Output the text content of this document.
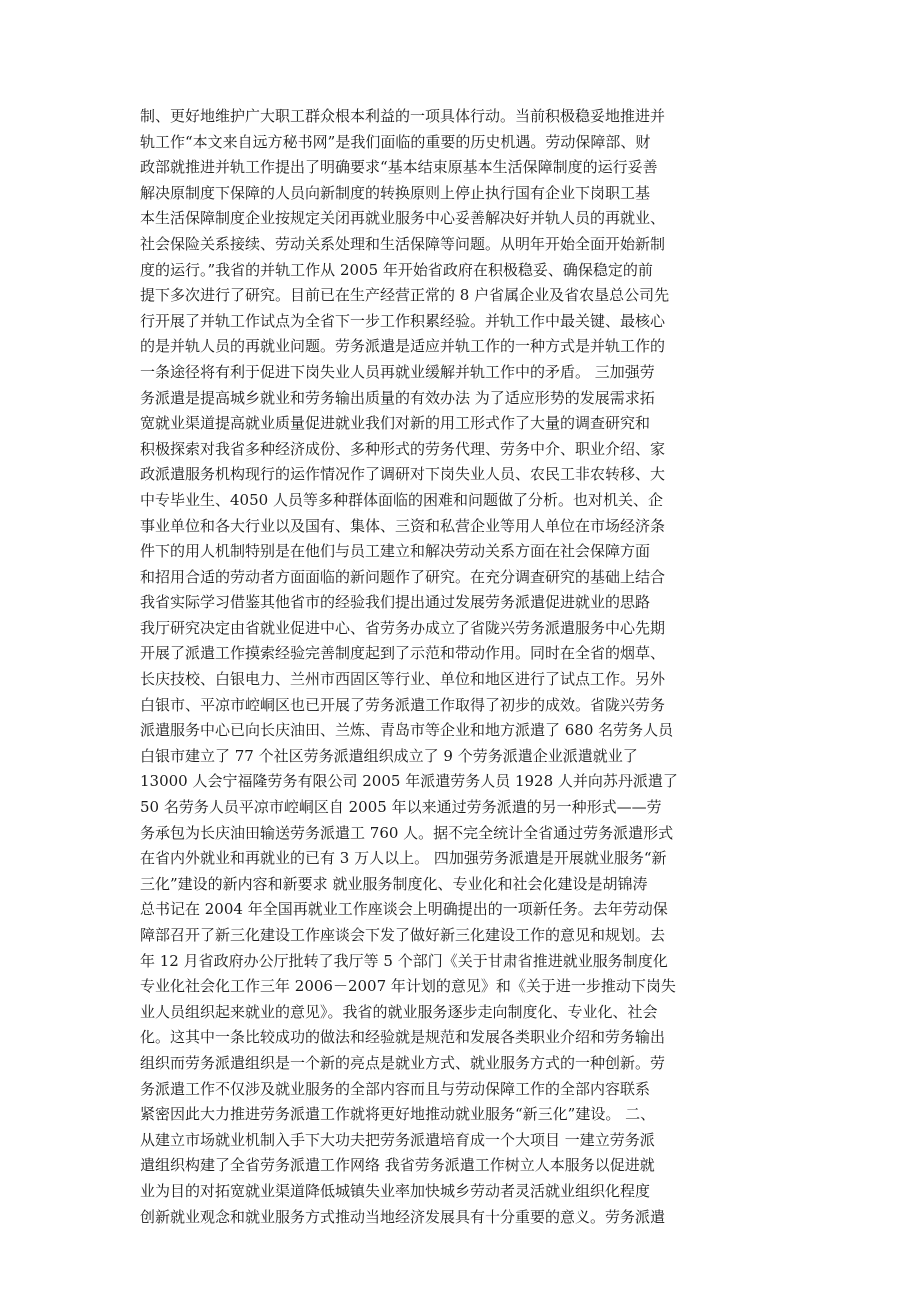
制、更好地维护广大职工群众根本利益的一项具体行动。当前积极稳妥地推进并
轨工作“本文来自远方秘书网”是我们面临的重要的历史机遇。劳动保障部、财
政部就推进并轨工作提出了明确要求“基本结束原基本生活保障制度的运行妥善
解决原制度下保障的人员向新制度的转换原则上停止执行国有企业下岗职工基
本生活保障制度企业按规定关闭再就业服务中心妥善解决好并轨人员的再就业、
社会保险关系接续、劳动关系处理和生活保障等问题。从明年开始全面开始新制
度的运行。”我省的并轨工作从 2005 年开始省政府在积极稳妥、确保稳定的前
提下多次进行了研究。目前已在生产经营正常的 8 户省属企业及省农垦总公司先
行开展了并轨工作试点为全省下一步工作积累经验。并轨工作中最关键、最核心
的是并轨人员的再就业问题。劳务派遣是适应并轨工作的一种方式是并轨工作的
一条途径将有利于促进下岗失业人员再就业缓解并轨工作中的矛盾。 三加强劳
务派遣是提高城乡就业和劳务输出质量的有效办法 为了适应形势的发展需求拓
宽就业渠道提高就业质量促进就业我们对新的用工形式作了大量的调查研究和
积极探索对我省多种经济成份、多种形式的劳务代理、劳务中介、职业介绍、家
政派遣服务机构现行的运作情况作了调研对下岗失业人员、农民工非农转移、大
中专毕业生、4050 人员等多种群体面临的困难和问题做了分析。也对机关、企
事业单位和各大行业以及国有、集体、三资和私营企业等用人单位在市场经济条
件下的用人机制特别是在他们与员工建立和解决劳动关系方面在社会保障方面
和招用合适的劳动者方面面临的新问题作了研究。在充分调查研究的基础上结合
我省实际学习借鉴其他省市的经验我们提出通过发展劳务派遣促进就业的思路
我厅研究决定由省就业促进中心、省劳务办成立了省陇兴劳务派遣服务中心先期
开展了派遣工作摸索经验完善制度起到了示范和带动作用。同时在全省的烟草、
长庆技校、白银电力、兰州市西固区等行业、单位和地区进行了试点工作。另外
白银市、平凉市崆峒区也已开展了劳务派遣工作取得了初步的成效。省陇兴劳务
派遣服务中心已向长庆油田、兰炼、青岛市等企业和地方派遣了 680 名劳务人员
白银市建立了 77 个社区劳务派遣组织成立了 9 个劳务派遣企业派遣就业了
13000 人会宁福隆劳务有限公司 2005 年派遣劳务人员 1928 人并向苏丹派遣了
50 名劳务人员平凉市崆峒区自 2005 年以来通过劳务派遣的另一种形式——劳
务承包为长庆油田输送劳务派遣工 760 人。据不完全统计全省通过劳务派遣形式
在省内外就业和再就业的已有 3 万人以上。 四加强劳务派遣是开展就业服务“新
三化”建设的新内容和新要求 就业服务制度化、专业化和社会化建设是胡锦涛
总书记在 2004 年全国再就业工作座谈会上明确提出的一项新任务。去年劳动保
障部召开了新三化建设工作座谈会下发了做好新三化建设工作的意见和规划。去
年 12 月省政府办公厅批转了我厅等 5 个部门《关于甘肃省推进就业服务制度化
专业化社会化工作三年 2006－2007 年计划的意见》和《关于进一步推动下岗失
业人员组织起来就业的意见》。我省的就业服务逐步走向制度化、专业化、社会
化。这其中一条比较成功的做法和经验就是规范和发展各类职业介绍和劳务输出
组织而劳务派遣组织是一个新的亮点是就业方式、就业服务方式的一种创新。劳
务派遣工作不仅涉及就业服务的全部内容而且与劳动保障工作的全部内容联系
紧密因此大力推进劳务派遣工作就将更好地推动就业服务“新三化”建设。 二、
从建立市场就业机制入手下大功夫把劳务派遣培育成一个大项目 一建立劳务派
遣组织构建了全省劳务派遣工作网络 我省劳务派遣工作树立人本服务以促进就
业为目的对拓宽就业渠道降低城镇失业率加快城乡劳动者灵活就业组织化程度
创新就业观念和就业服务方式推动当地经济发展具有十分重要的意义。劳务派遣
